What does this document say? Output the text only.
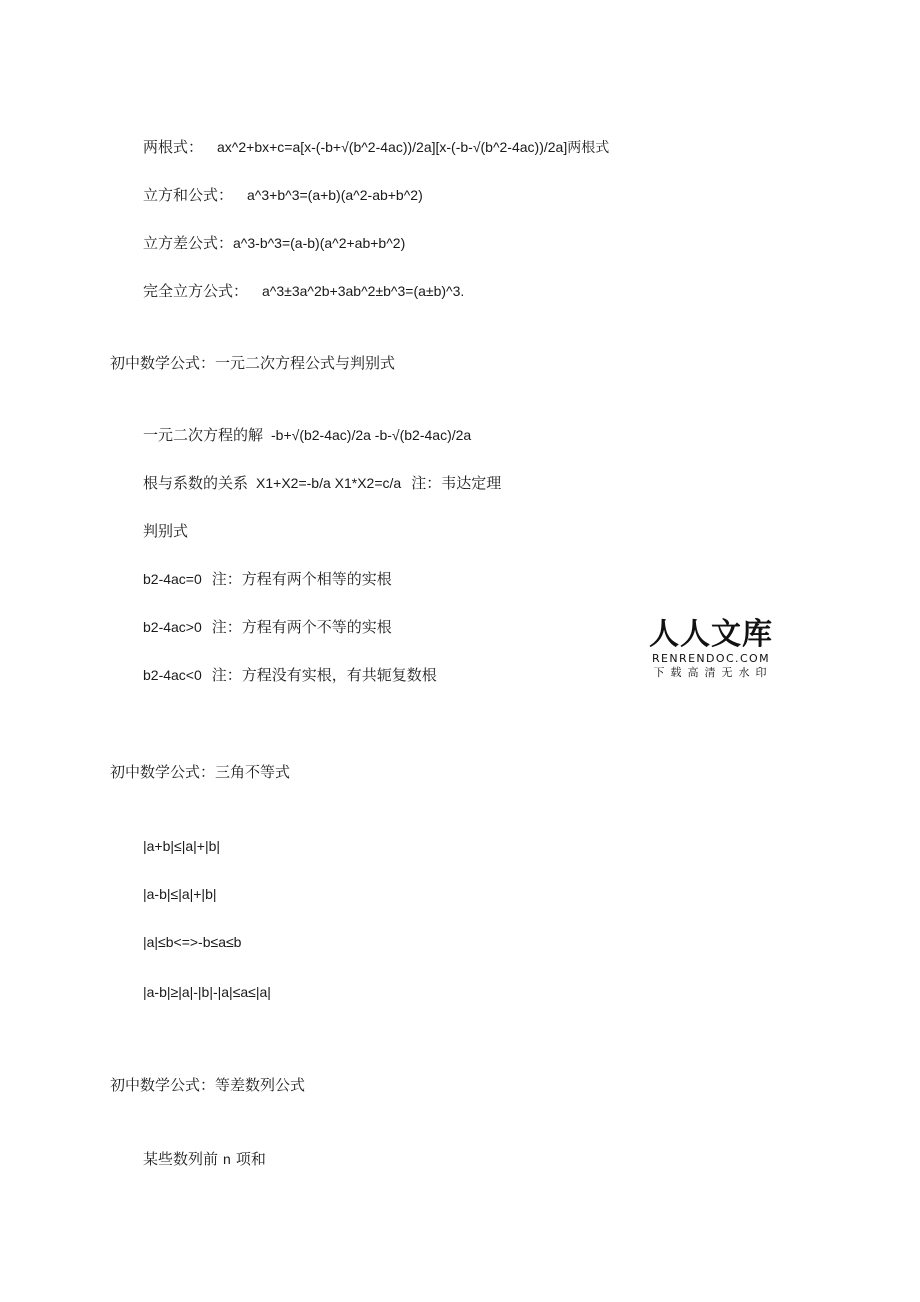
两根式： ax^2+bx+c=a[x-(-b+√(b^2-4ac))/2a][x-(-b-√(b^2-4ac))/2a]两根式
立方和公式： a^3+b^3=(a+b)(a^2-ab+b^2)
立方差公式：a^3-b^3=(a-b)(a^2+ab+b^2)
完全立方公式： a^3±3a^2b+3ab^2±b^3=(a±b)^3.
初中数学公式：一元二次方程公式与判别式
一元二次方程的解 -b+√(b2-4ac)/2a -b-√(b2-4ac)/2a
根与系数的关系 X1+X2=-b/a X1*X2=c/a 注：韦达定理
判别式
b2-4ac=0 注：方程有两个相等的实根
b2-4ac>0 注：方程有两个不等的实根
b2-4ac<0 注：方程没有实根，有共轭复数根
人人文库
RENRENDOC.COM
下载高清无水印
初中数学公式：三角不等式
|a+b|≤|a|+|b|
|a-b|≤|a|+|b|
|a|≤b<=>-b≤a≤b
|a-b|≥|a|-|b|-|a|≤a≤|a|
初中数学公式：等差数列公式
某些数列前 n 项和
